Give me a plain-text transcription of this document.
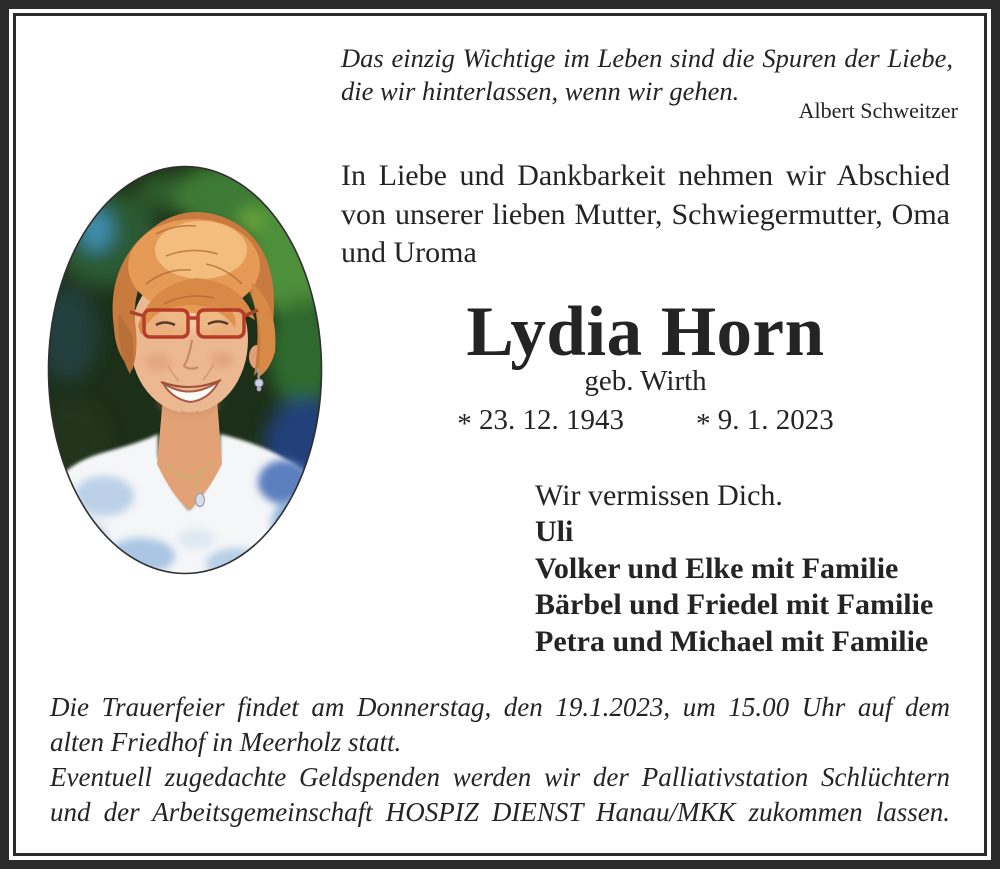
Das einzig Wichtige im Leben sind die Spuren der Liebe,
die wir hinterlassen, wenn wir gehen.
Albert Schweitzer
In Liebe und Dankbarkeit nehmen wir Abschied
von unserer lieben Mutter, Schwiegermutter, Oma
und Uroma
Lydia Horn
geb. Wirth
* 23. 12. 1943 * 9. 1. 2023
Wir vermissen Dich.
Uli
Volker und Elke mit Familie
Bärbel und Friedel mit Familie
Petra und Michael mit Familie
Die Trauerfeier findet am Donnerstag, den 19.1.2023, um 15.00 Uhr auf dem
alten Friedhof in Meerholz statt.
Eventuell zugedachte Geldspenden werden wir der Palliativstation Schlüchtern
und der Arbeitsgemeinschaft HOSPIZ DIENST Hanau/MKK zukommen lassen.
